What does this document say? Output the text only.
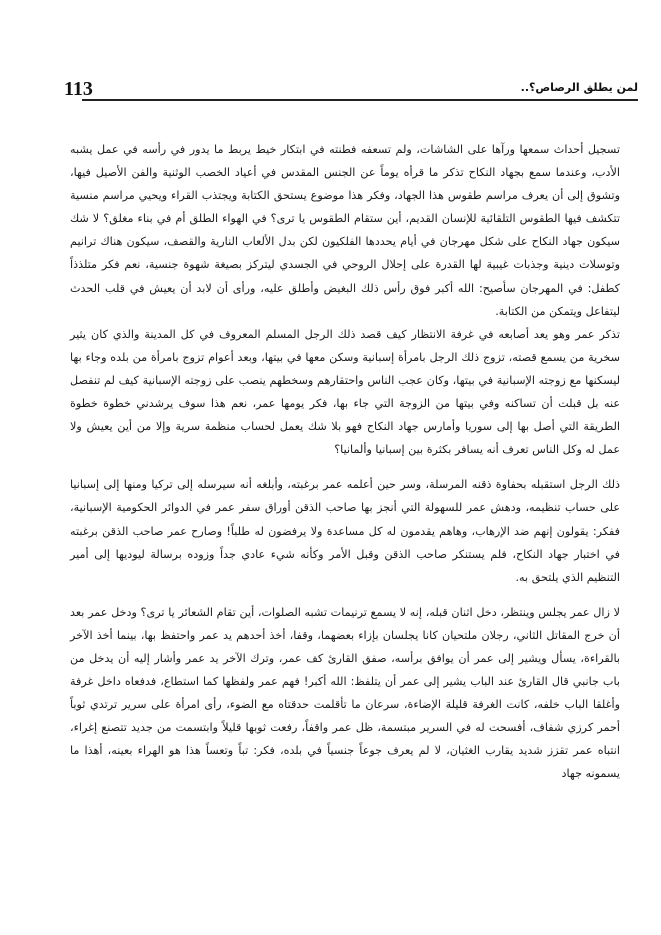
113	لمن يطلق الرصاص؟..

تسجيل أحداث سمعها ورآها على الشاشات، ولم تسعفه فطنته في ابتكار خيط يربط ما يدور في رأسه في عمل يشبه الأدب، وعندما سمع بجهاد النكاح تذكر ما قرأه يوماً عن الجنس المقدس في أعياد الخصب الوثنية والفن الأصيل فيها، وتشوق إلى أن يعرف مراسم طقوس هذا الجهاد، وفكر هذا موضوع يستحق الكتابة ويجتذب القراء ويحيي مراسم منسية تتكشف فيها الطقوس التلقائية للإنسان القديم، أين ستقام الطقوس يا ترى؟ في الهواء الطلق أم في بناء مغلق؟ لا شك سيكون جهاد النكاح على شكل مهرجان في أيام يحددها الفلكيون لكن بدل الألعاب النارية والقصف، سيكون هناك ترانيم وتوسلات دينية وجذبات غيبية لها القدرة على إحلال الروحي في الجسدي ليتركز بصيغة شهوة جنسية، نعم فكر متلذذاً كطفل: في المهرجان سأصيح: الله أكبر فوق رأس ذلك البغيض وأطلق عليه، ورأى أن لابد أن يعيش في قلب الحدث ليتفاعل ويتمكن من الكتابة.

تذكر عمر وهو يعد أصابعه في غرفة الانتظار كيف قصد ذلك الرجل المسلم المعروف في كل المدينة والذي كان يثير سخرية من يسمع قصته، تزوج ذلك الرجل بامرأة إسبانية وسكن معها في بيتها، وبعد أعوام تزوج بامرأة من بلده وجاء بها ليسكنها مع زوجته الإسبانية في بيتها، وكان عجب الناس واحتقارهم وسخطهم ينصب على زوجته الإسبانية كيف لم تنفصل عنه بل قبلت أن تساكنه وفي بيتها من الزوجة التي جاء بها، فكر يومها عمر، نعم هذا سوف يرشدني خطوة خطوة الطريقة التي أصل بها إلى سوريا وأمارس جهاد النكاح فهو بلا شك يعمل لحساب منظمة سرية وإلا من أين يعيش ولا عمل له وكل الناس تعرف أنه يسافر بكثرة بين إسبانيا وألمانيا؟

ذلك الرجل استقبله بحفاوة ذقنه المرسلة، وسر حين أعلمه عمر برغبته، وأبلغه أنه سيرسله إلى تركيا ومنها إلى إسبانيا على حساب تنظيمه، ودهش عمر للسهولة التي أنجز بها صاحب الذقن أوراق سفر عمر في الدوائر الحكومية الإسبانية، ففكر: يقولون إنهم ضد الإرهاب، وهاهم يقدمون له كل مساعدة ولا يرفضون له طلباً! وصارح عمر صاحب الذقن برغبته في اختبار جهاد النكاح، فلم يستنكر صاحب الذقن وقبل الأمر وكأنه شيء عادي جداً وزوده برسالة ليوديها إلى أمير التنظيم الذي يلتحق به.

لا زال عمر يجلس وينتظر، دخل اثنان قبله، إنه لا يسمع ترنيمات تشبه الصلوات، أين تقام الشعائر يا ترى؟ ودخل عمر بعد أن خرج المقاتل الثاني، رجلان ملتحيان كانا يجلسان بإزاء بعضهما، وقفا، أخذ أحدهم يد عمر واحتفظ بها، بينما أخذ الآخر بالقراءة، يسأل ويشير إلى عمر أن يوافق برأسه، صفق القارئ كف عمر، وترك الآخر يد عمر وأشار إليه أن يدخل من باب جانبي قال القارئ عند الباب يشير إلى عمر أن يتلفظ: الله أكبر! فهم عمر ولفظها كما استطاع، فدفعاه داخل غرفة وأغلقا الباب خلفه، كانت الغرفة قليلة الإضاءة، سرعان ما تأقلمت حدقتاه مع الضوء، رأى امرأة على سرير ترتدي ثوباً أحمر كرزي شفاف، أفسحت له في السرير مبتسمة، ظل عمر واقفاً، رفعت ثوبها قليلاً وابتسمت من جديد تتصنع إغراء، انتباه عمر تقزز شديد يقارب الغثيان، لا لم يعرف جوعاً جنسياً في بلده، فكر: تباً وتعساً هذا هو الهراء بعينه، أهذا ما يسمونه جهاد
